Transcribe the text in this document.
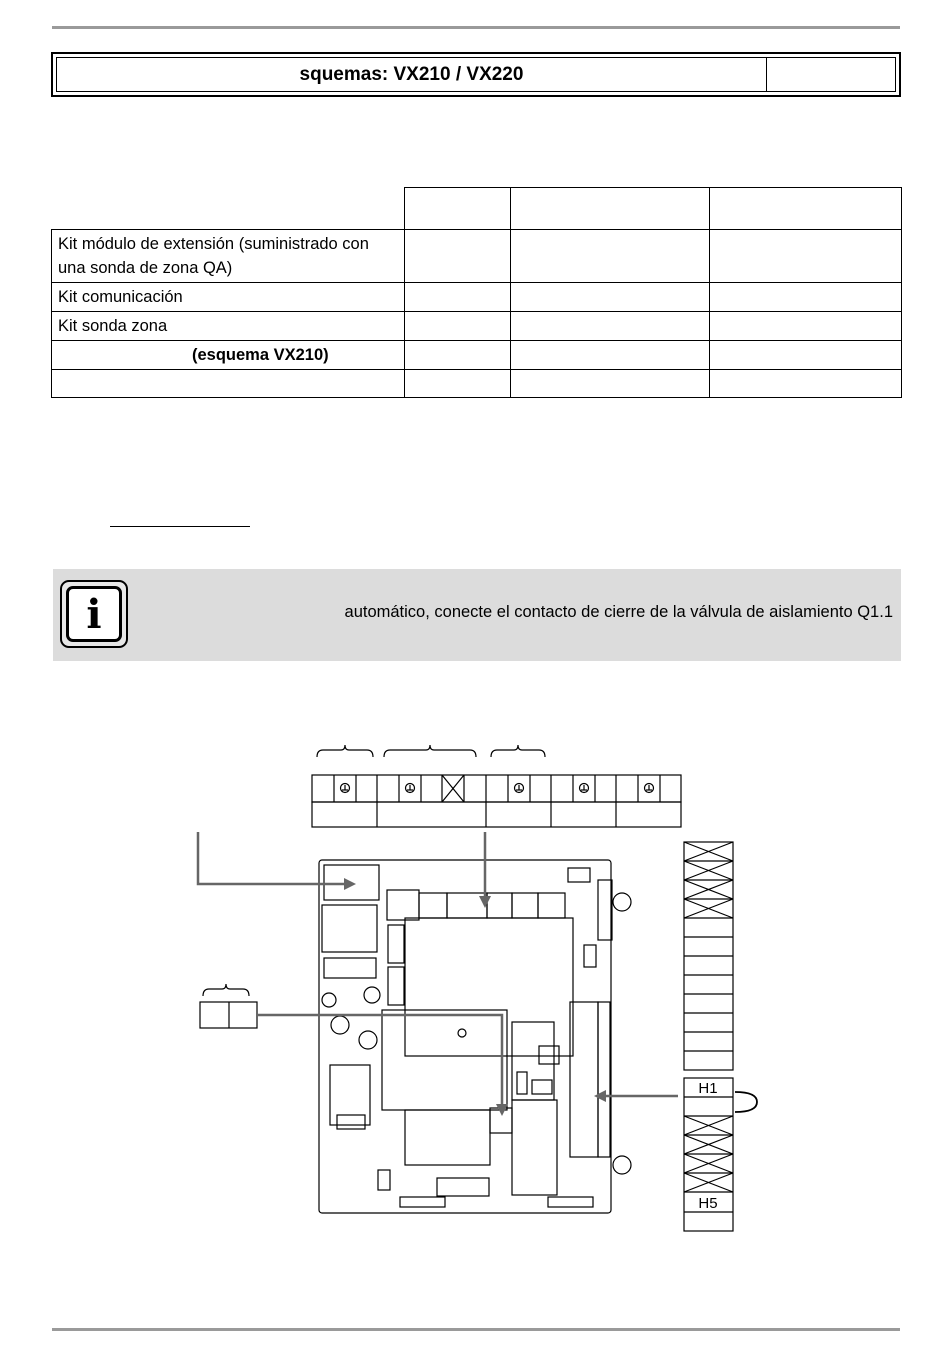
squemas: VX210 / VX220

Kit módulo de extensión (suministrado con una sonda de zona QA)			
Kit comunicación			
Kit sonda zona			
(esquema VX210)			

i	automático, conecte el contacto de cierre de la válvula de aislamiento Q1.1
H1
H5
